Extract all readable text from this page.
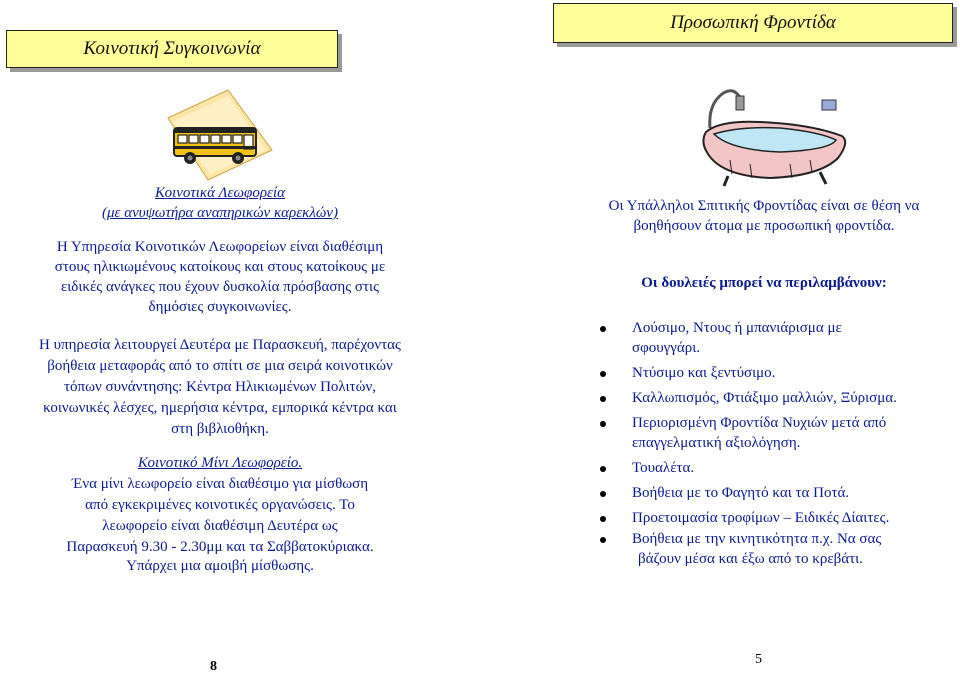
Κοινοτική Συγκοινωνία
Προσωπική Φροντίδα
Κοινοτικά Λεωφορεία
(με ανυψωτήρα αναπηρικών καρεκλών)
Η Υπηρεσία Κοινοτικών Λεωφορείων είναι διαθέσιμη
στους ηλικιωμένους κατοίκους και στους κατοίκους με
ειδικές ανάγκες που έχουν δυσκολία πρόσβασης στις
δημόσιες συγκοινωνίες.
Η υπηρεσία λειτουργεί Δευτέρα με Παρασκευή, παρέχοντας
βοήθεια μεταφοράς από το σπίτι σε μια σειρά κοινοτικών
τόπων συνάντησης: Κέντρα Ηλικιωμένων Πολιτών,
κοινωνικές λέσχες, ημερήσια κέντρα, εμπορικά κέντρα και
στη βιβλιοθήκη.
Κοινοτικό Μίνι Λεωφορείο.
Ένα μίνι λεωφορείο είναι διαθέσιμο για μίσθωση
από εγκεκριμένες κοινοτικές οργανώσεις. Το
λεωφορείο είναι διαθέσιμη Δευτέρα ως
Παρασκευή 9.30 - 2.30μμ και τα Σαββατοκύριακα.
Υπάρχει μια αμοιβή μίσθωσης.
8
Οι Υπάλληλοι Σπιτικής Φροντίδας είναι σε θέση να
βοηθήσουν άτομα με προσωπική φροντίδα.
Οι δουλειές μπορεί να περιλαμβάνουν:
Λούσιμο, Ντους ή μπανιάρισμα με
σφουγγάρι.
Ντύσιμο και ξεντύσιμο.
Καλλωπισμός, Φτιάξιμο μαλλιών, Ξύρισμα.
Περιορισμένη Φροντίδα Νυχιών μετά από
επαγγελματική αξιολόγηση.
Τουαλέτα.
Βοήθεια με το Φαγητό και τα Ποτά.
Προετοιμασία τροφίμων – Ειδικές Δίαιτες.
Βοήθεια με την κινητικότητα π.χ. Να σας
βάζουν μέσα και έξω από το κρεβάτι.
5
